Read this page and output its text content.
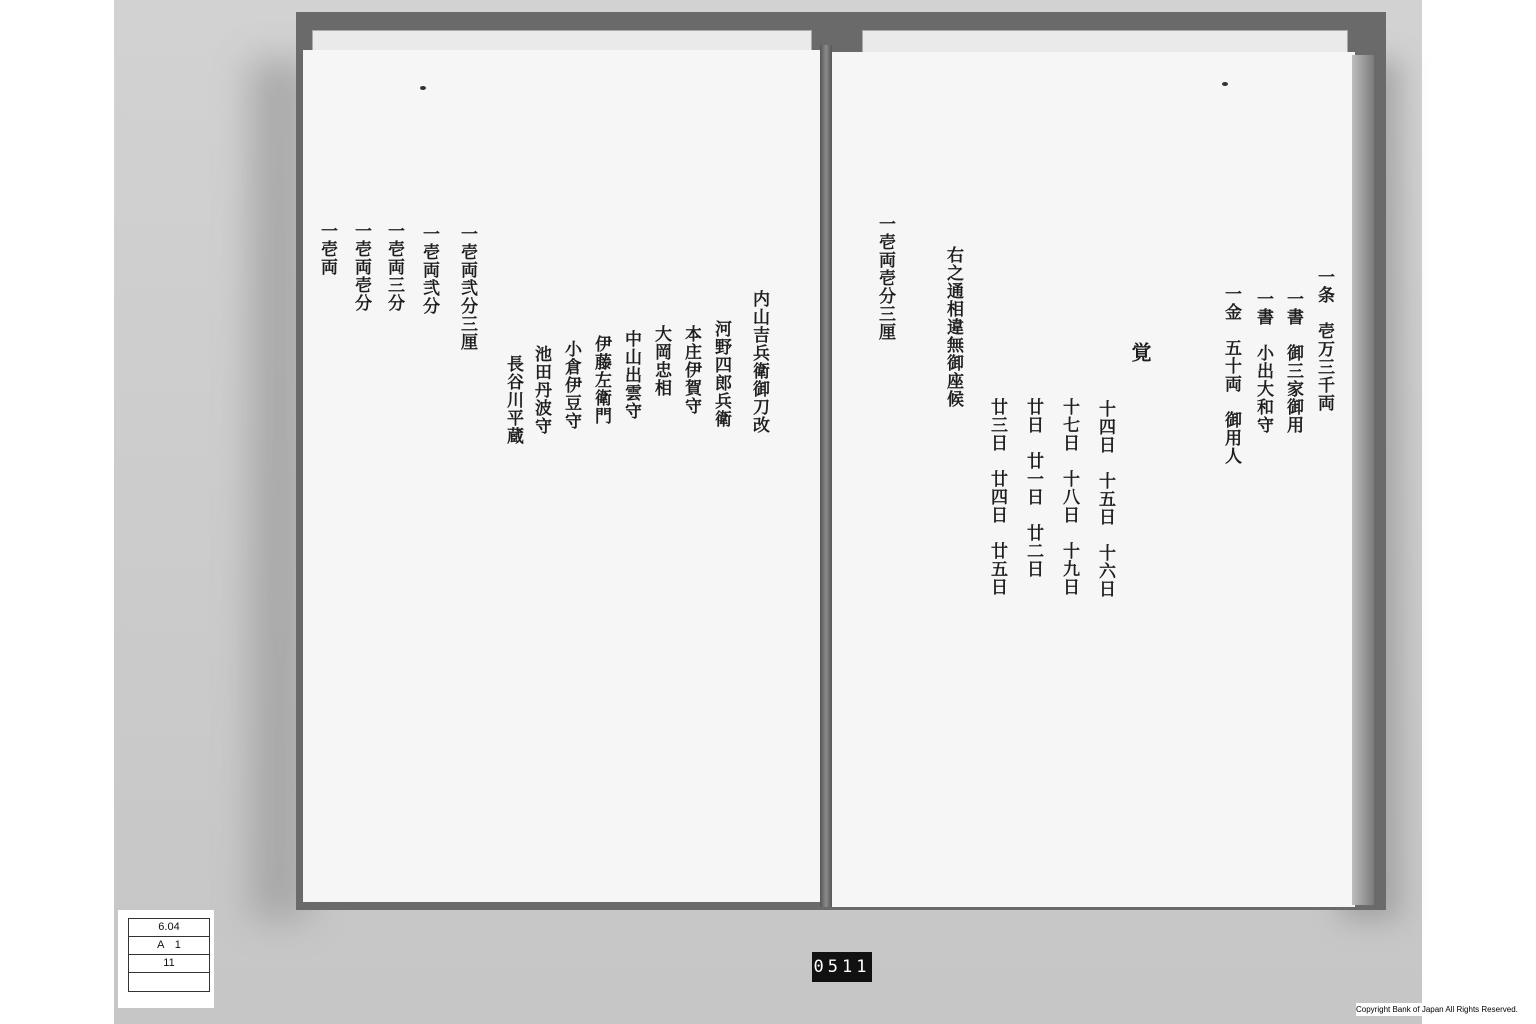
内山吉兵衛御刀改
河野四郎兵衛
本庄伊賀守
大岡忠相
中山出雲守
伊藤左衛門
小倉伊豆守
池田丹波守
長谷川平蔵
一壱両弐分三厘
一壱両弐分
一壱両三分
一壱両壱分
一壱両
一条　壱万三千両
一書　御三家御用
一書　小出大和守
一金　五十両　御用人
覚
十四日　十五日　十六日
十七日　十八日　十九日
廿日　廿一日　廿二日
廿三日　廿四日　廿五日
右之通相違無御座候
一壱両壱分三厘
6.04
A　1
11	0511
Copyright Bank of Japan All Rights Reserved.
